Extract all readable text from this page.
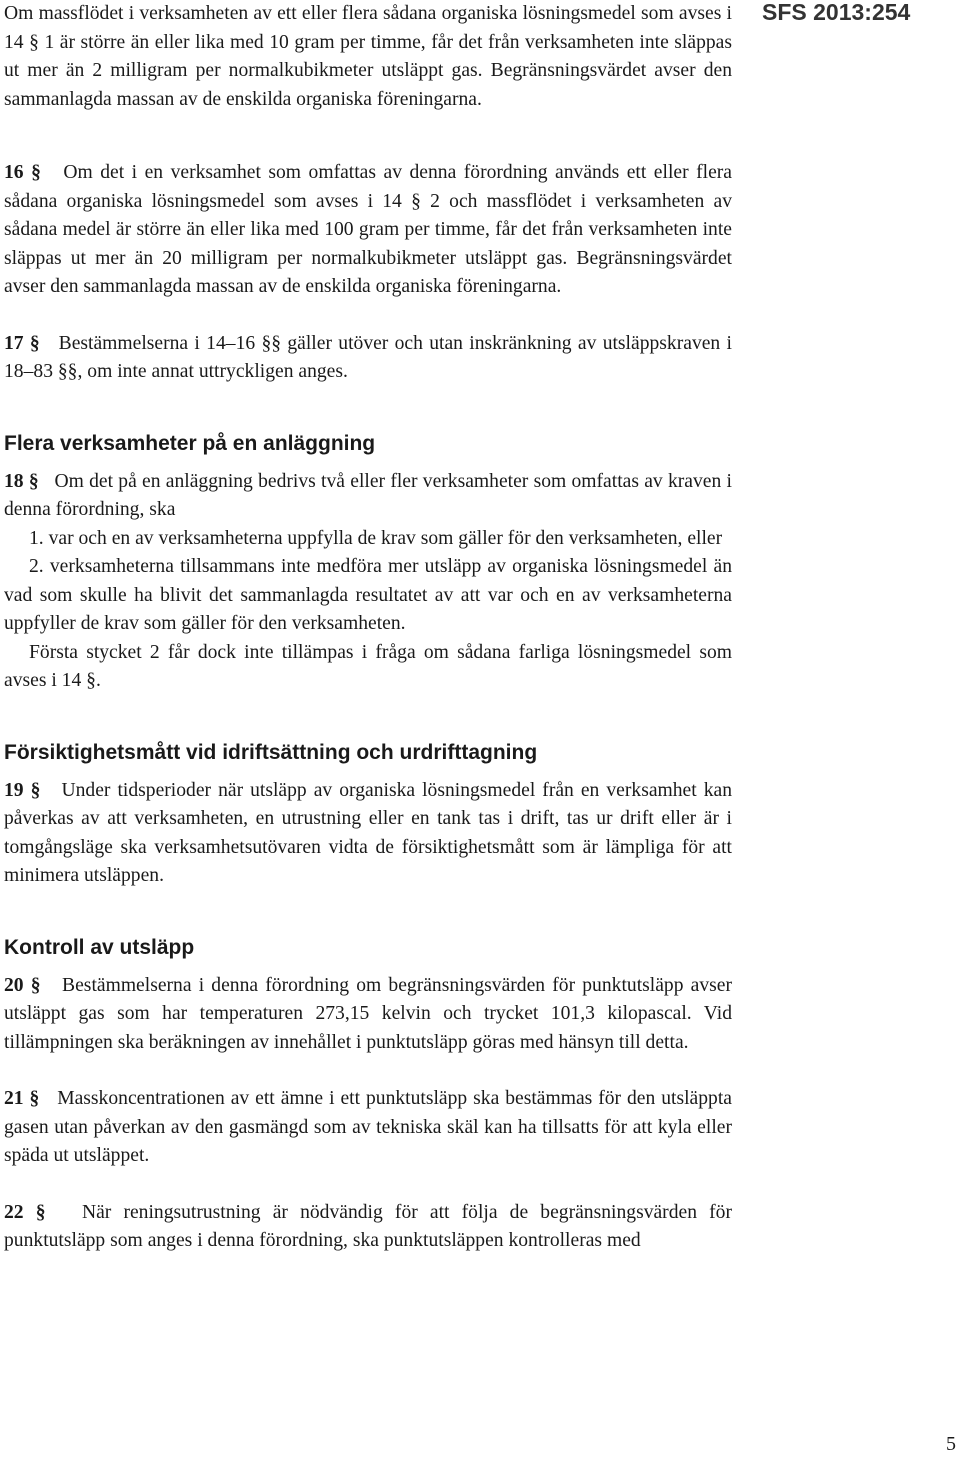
SFS 2013:254

Om massflödet i verksamheten av ett eller flera sådana organiska lösningsmedel som avses i 14 § 1 är större än eller lika med 10 gram per timme, får det från verksamheten inte släppas ut mer än 2 milligram per normalkubikmeter utsläppt gas. Begränsningsvärdet avser den sammanlagda massan av de enskilda organiska föreningarna.

16 § Om det i en verksamhet som omfattas av denna förordning används ett eller flera sådana organiska lösningsmedel som avses i 14 § 2 och massflödet i verksamheten av sådana medel är större än eller lika med 100 gram per timme, får det från verksamheten inte släppas ut mer än 20 milligram per normalkubikmeter utsläppt gas. Begränsningsvärdet avser den sammanlagda massan av de enskilda organiska föreningarna.

17 § Bestämmelserna i 14–16 §§ gäller utöver och utan inskränkning av utsläppskraven i 18–83 §§, om inte annat uttryckligen anges.

Flera verksamheter på en anläggning

18 § Om det på en anläggning bedrivs två eller fler verksamheter som omfattas av kraven i denna förordning, ska

1. var och en av verksamheterna uppfylla de krav som gäller för den verksamheten, eller

2. verksamheterna tillsammans inte medföra mer utsläpp av organiska lösningsmedel än vad som skulle ha blivit det sammanlagda resultatet av att var och en av verksamheterna uppfyller de krav som gäller för den verksamheten.

Första stycket 2 får dock inte tillämpas i fråga om sådana farliga lösningsmedel som avses i 14 §.

Försiktighetsmått vid idriftsättning och urdrifttagning

19 § Under tidsperioder när utsläpp av organiska lösningsmedel från en verksamhet kan påverkas av att verksamheten, en utrustning eller en tank tas i drift, tas ur drift eller är i tomgångsläge ska verksamhetsutövaren vidta de försiktighetsmått som är lämpliga för att minimera utsläppen.

Kontroll av utsläpp

20 § Bestämmelserna i denna förordning om begränsningsvärden för punktutsläpp avser utsläppt gas som har temperaturen 273,15 kelvin och trycket 101,3 kilopascal. Vid tillämpningen ska beräkningen av innehållet i punktutsläpp göras med hänsyn till detta.

21 § Masskoncentrationen av ett ämne i ett punktutsläpp ska bestämmas för den utsläppta gasen utan påverkan av den gasmängd som av tekniska skäl kan ha tillsatts för att kyla eller späda ut utsläppet.

22 § När reningsutrustning är nödvändig för att följa de begränsningsvärden för punktutsläpp som anges i denna förordning, ska punktutsläppen kontrolleras med

5
